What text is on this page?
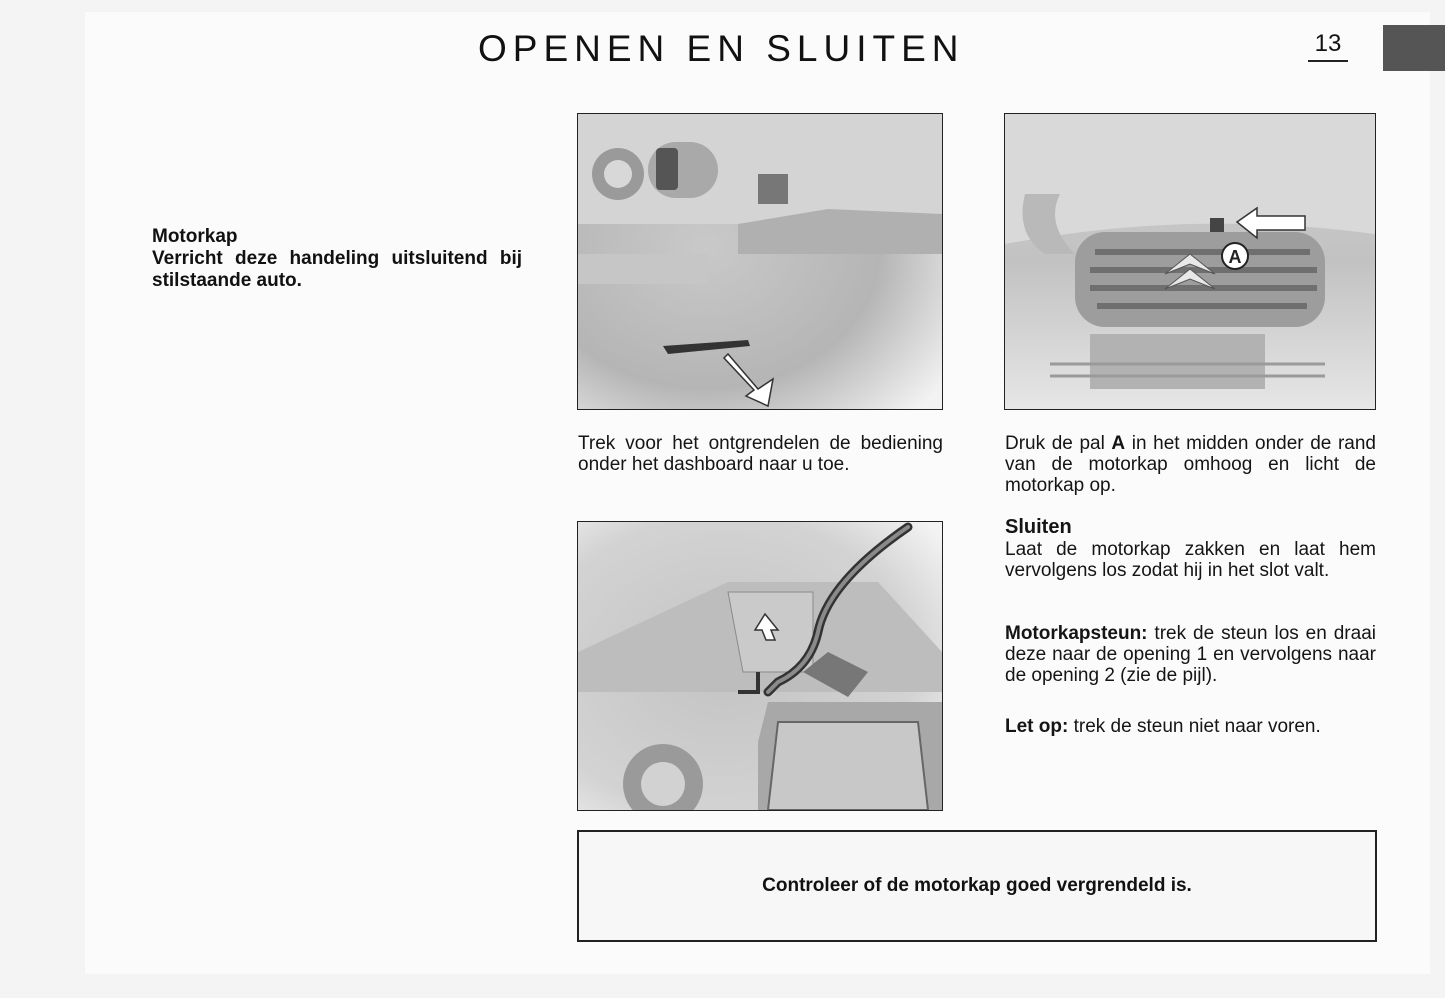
OPENEN EN SLUITEN	13

Motorkap

Verricht deze handeling uitsluitend bij stilstaande auto.

A

Trek voor het ontgrendelen de bediening onder het dashboard naar u toe.

Druk de pal A in het midden onder de rand van de motorkap omhoog en licht de motorkap op.

Sluiten

Laat de motorkap zakken en laat hem vervolgens los zodat hij in het slot valt.

Motorkapsteun: trek de steun los en draai deze naar de opening 1 en vervolgens naar de opening 2 (zie de pijl).

Let op: trek de steun niet naar voren.

Controleer of de motorkap goed vergrendeld is.
